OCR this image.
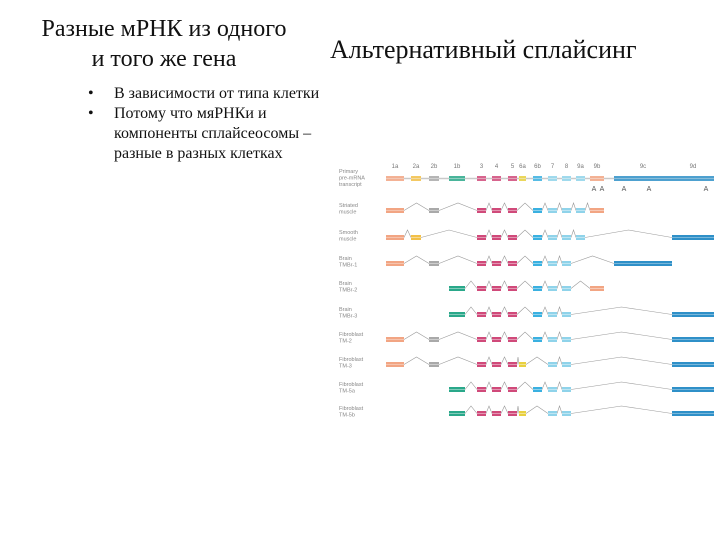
Разные мРНК из одного
и того же гена	Альтернативный сплайсинг
• В зависимости от типа клетки
• Потому что мяРНКи и компоненты сплайсеосомы – разные в разных клетках
1a 2a 2b	1b	3 4 5 6a 6b 7 8 9a 9b	9c	9d
Primary
pre-mRNA
transcript
Striated
muscle
Smooth
muscle
Brain
TMBr-1
Brain
TMBr-2
Brain
TMBr-3
Fibroblast
TM-2
Fibroblast
TM-3
Fibroblast
TM-5a
Fibroblast
TM-5b
A A A	A	A
